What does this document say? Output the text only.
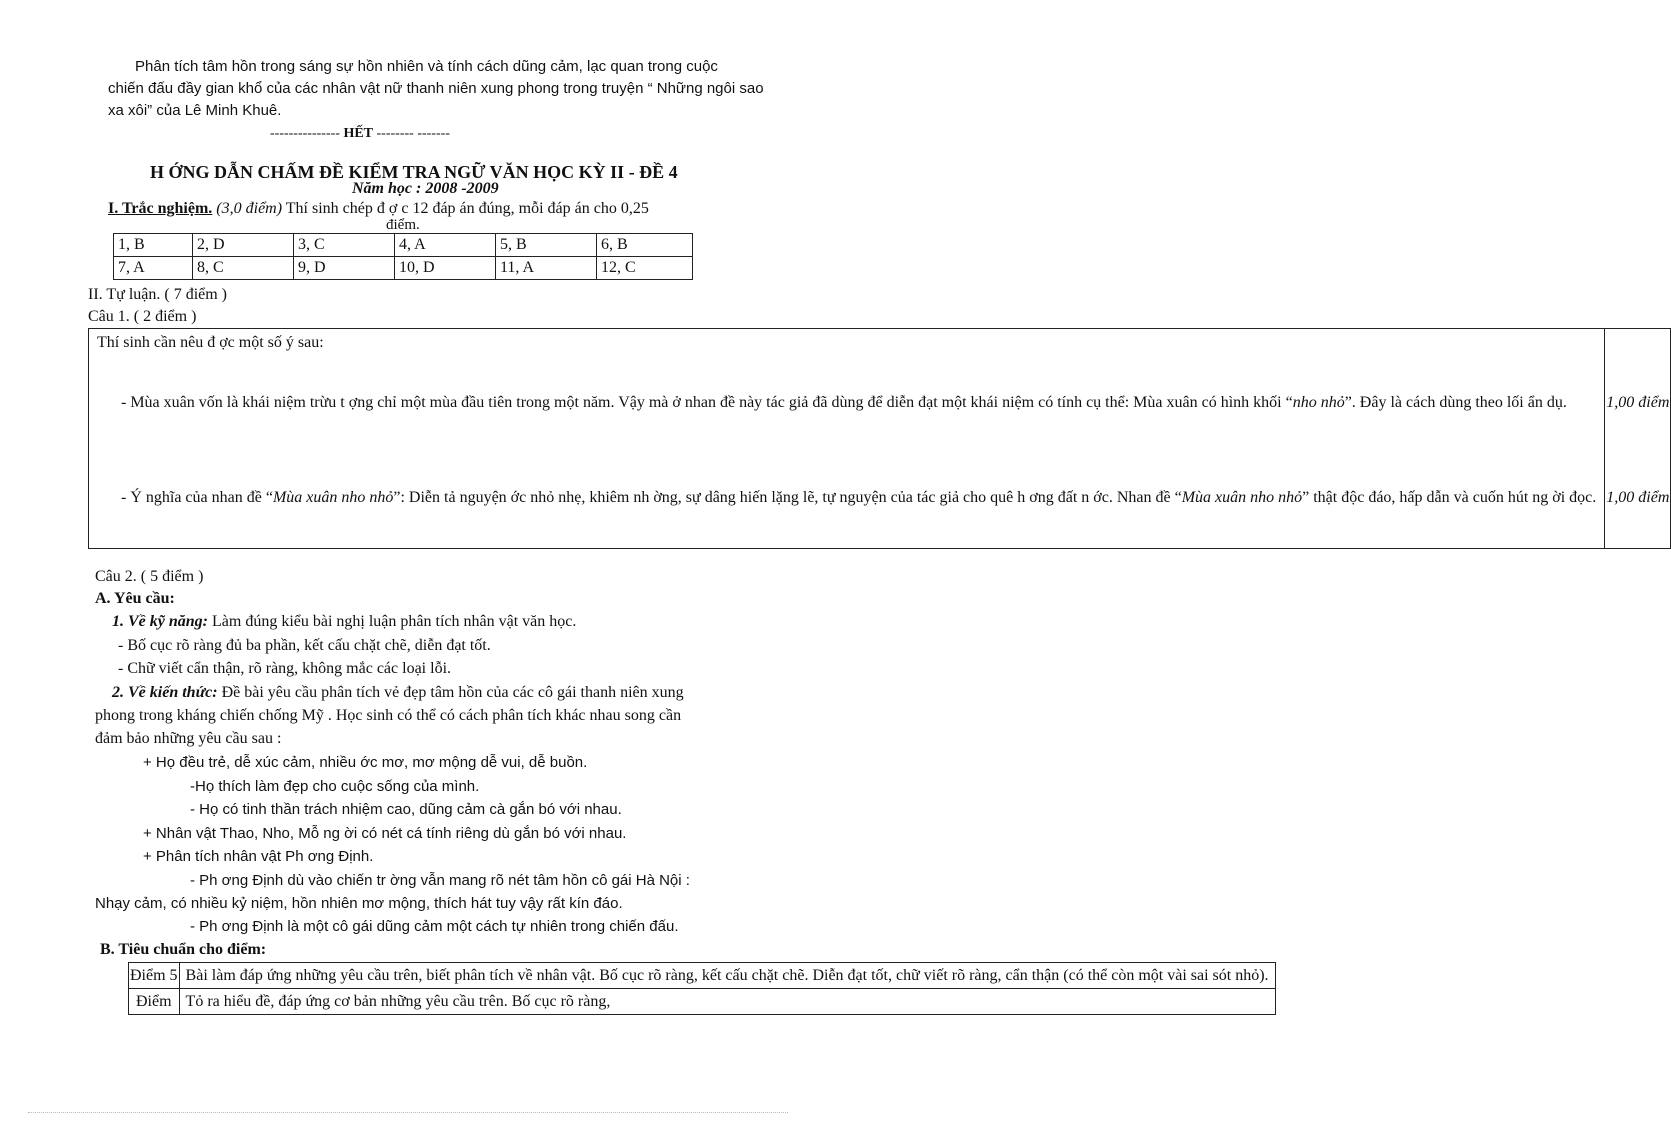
Phân tích tâm hồn trong sáng sự hồn nhiên và tính cách dũng cảm, lạc quan trong cuộc
chiến đấu đầy gian khổ của các nhân vật nữ thanh niên xung phong trong truyện “ Những ngôi sao
xa xôi” của Lê Minh Khuê.
--------------- HẾT -------- -------
H ỚNG DẪN CHẤM ĐỀ KIỂM TRA NGỮ VĂN HỌC KỲ II - ĐỀ 4
Năm học : 2008 -2009
I. Trắc nghiệm. (3,0 điểm) Thí sinh chép đ ợ c 12 đáp án đúng, mỗi đáp án cho 0,25
điểm.
1, B	2, D	3, C	4, A	5, B	6, B
7, A	8, C	9, D	10, D	11, A	12, C
II. Tự luận. ( 7 điểm )
Câu 1. ( 2 điểm )
Thí sinh cần nêu đ ợc một số ý sau:	
- Mùa xuân vốn là khái niệm trừu t ợng chỉ một mùa đầu tiên trong một năm. Vậy mà ở nhan đề này tác giả đã dùng để diễn đạt một khái niệm có tính cụ thể: Mùa xuân có hình khối “nho nhỏ”. Đây là cách dùng theo lối ẩn dụ.	1,00 điểm
- Ý nghĩa của nhan đề “Mùa xuân nho nhỏ”: Diễn tả nguyện ớc nhỏ nhẹ, khiêm nh ờng, sự dâng hiến lặng lẽ, tự nguyện của tác giả cho quê h ơng đất n ớc. Nhan đề “Mùa xuân nho nhỏ” thật độc đáo, hấp dẫn và cuốn hút ng ời đọc.	1,00 điểm
Câu 2. ( 5 điểm )
A. Yêu cầu:
1. Về kỹ năng: Làm đúng kiểu bài nghị luận phân tích nhân vật văn học.
- Bố cục rõ ràng đủ ba phần, kết cấu chặt chẽ, diễn đạt tốt.
- Chữ viết cẩn thận, rõ ràng, không mắc các loại lỗi.
2. Về kiến thức: Đề bài yêu cầu phân tích vẻ đẹp tâm hồn của các cô gái thanh niên xung
phong trong kháng chiến chống Mỹ . Học sinh có thể có cách phân tích khác nhau song cần
đảm bảo những yêu cầu sau :
+ Họ đều trẻ, dễ xúc cảm, nhiều ớc mơ, mơ mộng dễ vui, dễ buồn.
-Họ thích làm đẹp cho cuộc sống của mình.
- Họ có tinh thần trách nhiệm cao, dũng cảm cà gắn bó với nhau.
+ Nhân vật Thao, Nho, Mỗ ng ời có nét cá tính riêng dù gắn bó với nhau.
+ Phân tích nhân vật Ph ơng Định.
- Ph ơng Định dù vào chiến tr ờng vẫn mang rõ nét tâm hồn cô gái Hà Nội :
Nhạy cảm, có nhiều kỷ niệm, hồn nhiên mơ mộng, thích hát tuy vậy rất kín đáo.
- Ph ơng Định là một cô gái dũng cảm một cách tự nhiên trong chiến đấu.
B. Tiêu chuẩn cho điểm:
Điểm 5	Bài làm đáp ứng những yêu cầu trên, biết phân tích về nhân vật. Bố cục rõ ràng, kết cấu chặt chẽ. Diễn đạt tốt, chữ viết rõ ràng, cẩn thận (có thể còn một vài sai sót nhỏ).
Điểm	Tỏ ra hiểu đề, đáp ứng cơ bản những yêu cầu trên. Bố cục rõ ràng,
